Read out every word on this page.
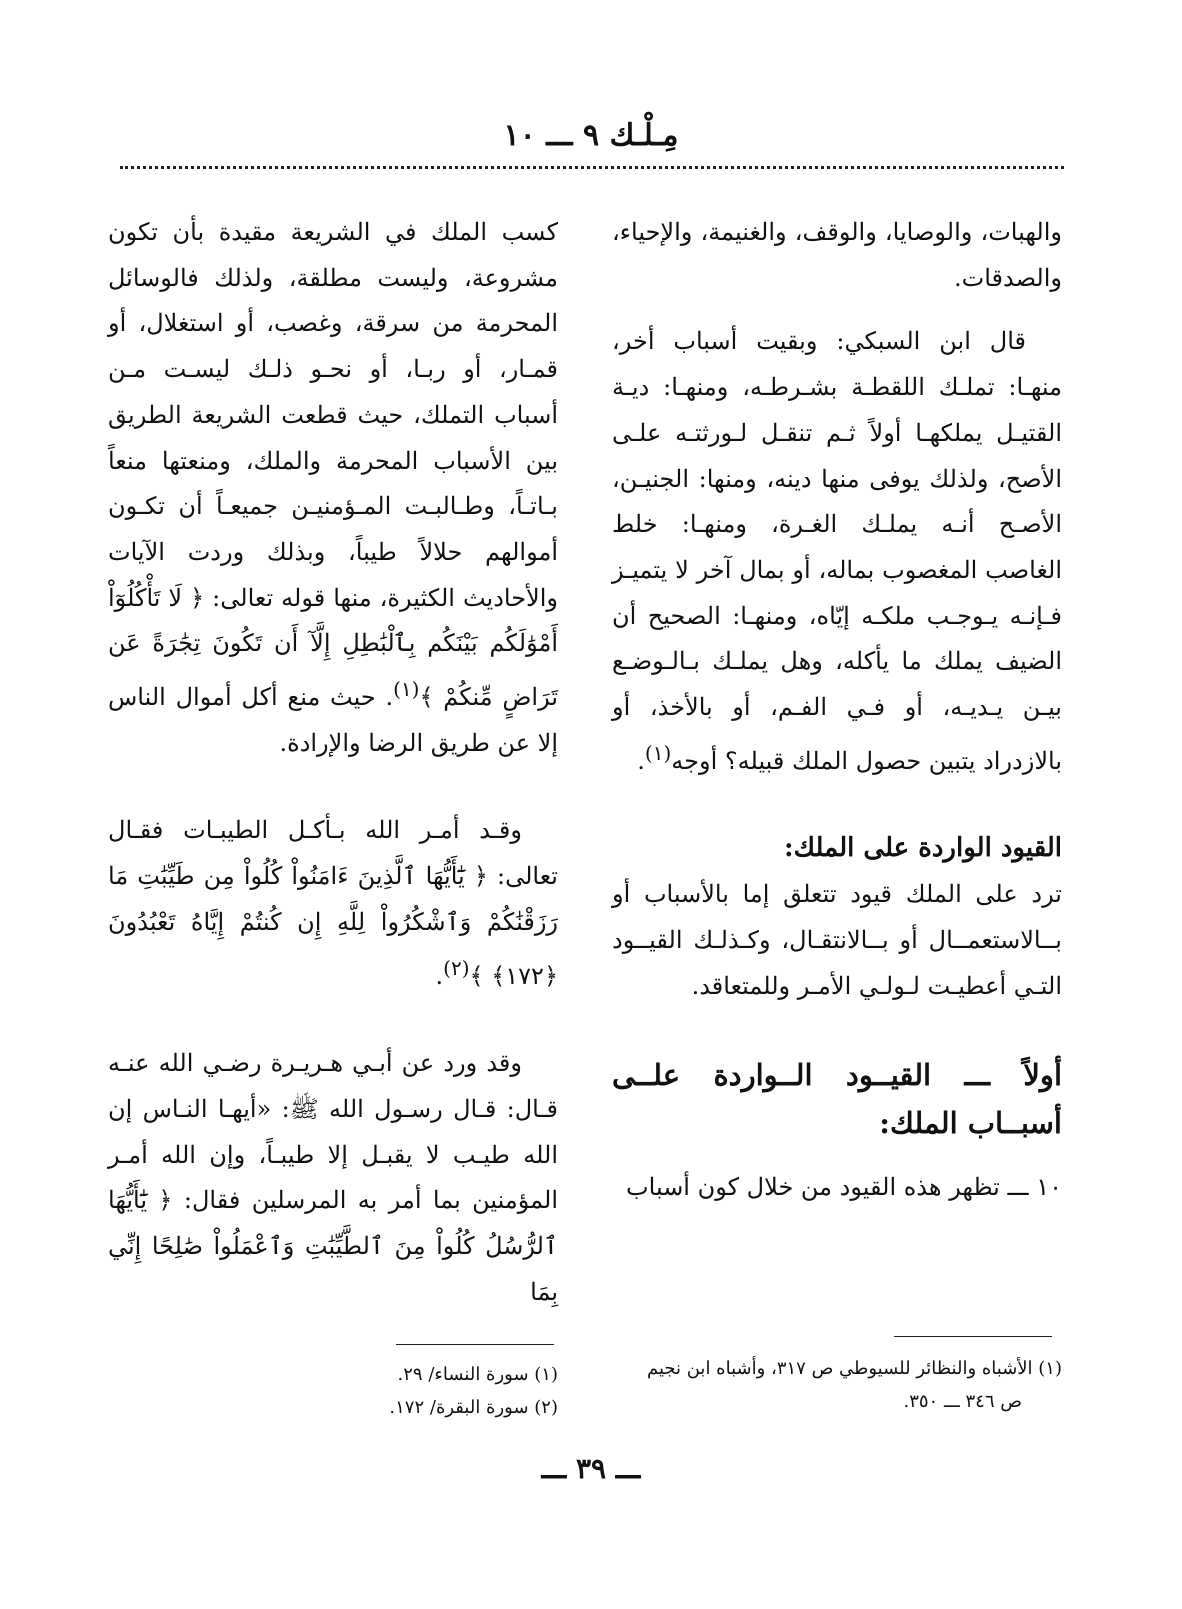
مِـلْـك ٩ ـــ ١٠

والهبات، والوصايا، والوقف، والغنيمة، والإحياء، والصدقات.

قال ابن السبكي: وبقيت أسباب أخر، منهـا: تملـك اللقطـة بشـرطـه، ومنهـا: ديـة القتيـل يملكهـا أولاً ثـم تنقـل لـورثتـه علـى الأصح، ولذلك يوفى منها دينه، ومنها: الجنيـن، الأصـح أنـه يملـك الغـرة، ومنهـا: خلط الغاصب المغصوب بماله، أو بمال آخر لا يتميـز فـإنـه يـوجـب ملكـه إيّاه، ومنهـا: الصحيح أن الضيف يملك ما يأكله، وهل يملـك بـالـوضـع بيـن يـديـه، أو فـي الفـم، أو بالأخذ، أو بالازدراد يتبين حصول الملك قبيله؟ أوجه$^{(١)}$.

القيود الواردة على الملك:

ترد على الملك قيود تتعلق إما بالأسباب أو بــالاستعمــال أو بــالانتقـال، وكـذلـك القيــود التـي أعطيـت لـولـي الأمـر وللمتعاقد.

أولاً ـــ القيــود الــواردة علــى أسبــاب الملك:

١٠ ـــ تظهر هذه القيود من خلال كون أسباب

كسب الملك في الشريعة مقيدة بأن تكون مشروعة، وليست مطلقة، ولذلك فالوسائل المحرمة من سرقة، وغصب، أو استغلال، أو قمـار، أو ربـا، أو نحـو ذلـك ليسـت مـن أسباب التملك، حيث قطعت الشريعة الطريق بين الأسباب المحرمة والملك، ومنعتها منعاً بـاتـاً، وطـالبـت المـؤمنيـن جميعـاً أن تكـون أموالهم حلالاً طيباً، وبذلك وردت الآيات والأحاديث الكثيرة، منها قوله تعالى: ﴿ لَا تَأْكُلُوٓاْ أَمْوَٰلَكُم بَيْنَكُم بِٱلْبَٰطِلِ إِلَّآ أَن تَكُونَ تِجَٰرَةً عَن تَرَاضٍ مِّنكُمْ ﴾$^{(١)}$. حيث منع أكل أموال الناس إلا عن طريق الرضا والإرادة.

وقـد أمـر الله بـأكـل الطيبـات فقـال تعالى: ﴿ يَٰٓأَيُّهَا ٱلَّذِينَ ءَامَنُواْ كُلُواْ مِن طَيِّبَٰتِ مَا رَزَقْنَٰكُمْ وَٱشْكُرُواْ لِلَّهِ إِن كُنتُمْ إِيَّاهُ تَعْبُدُونَ ﴿١٧٢﴾ ﴾$^{(٢)}$.

وقد ورد عن أبـي هـريـرة رضـي الله عنـه قـال: قـال رسـول الله ﷺ: «أيهـا النـاس إن الله طيـب لا يقبـل إلا طيبـاً، وإن الله أمـر المؤمنين بما أمر به المرسلين فقال: ﴿ يَٰٓأَيُّهَا ٱلرُّسُلُ كُلُواْ مِنَ ٱلطَّيِّبَٰتِ وَٱعْمَلُواْ صَٰلِحًا إِنِّي بِمَا

(١) الأشباه والنظائر للسيوطي ص ٣١٧، وأشباه ابن نجيم

ص ٣٤٦ ـــ ٣٥٠.

(١) سورة النساء/ ٢٩.

(٢) سورة البقرة/ ١٧٢.

ـــ ٣٩ ـــ
